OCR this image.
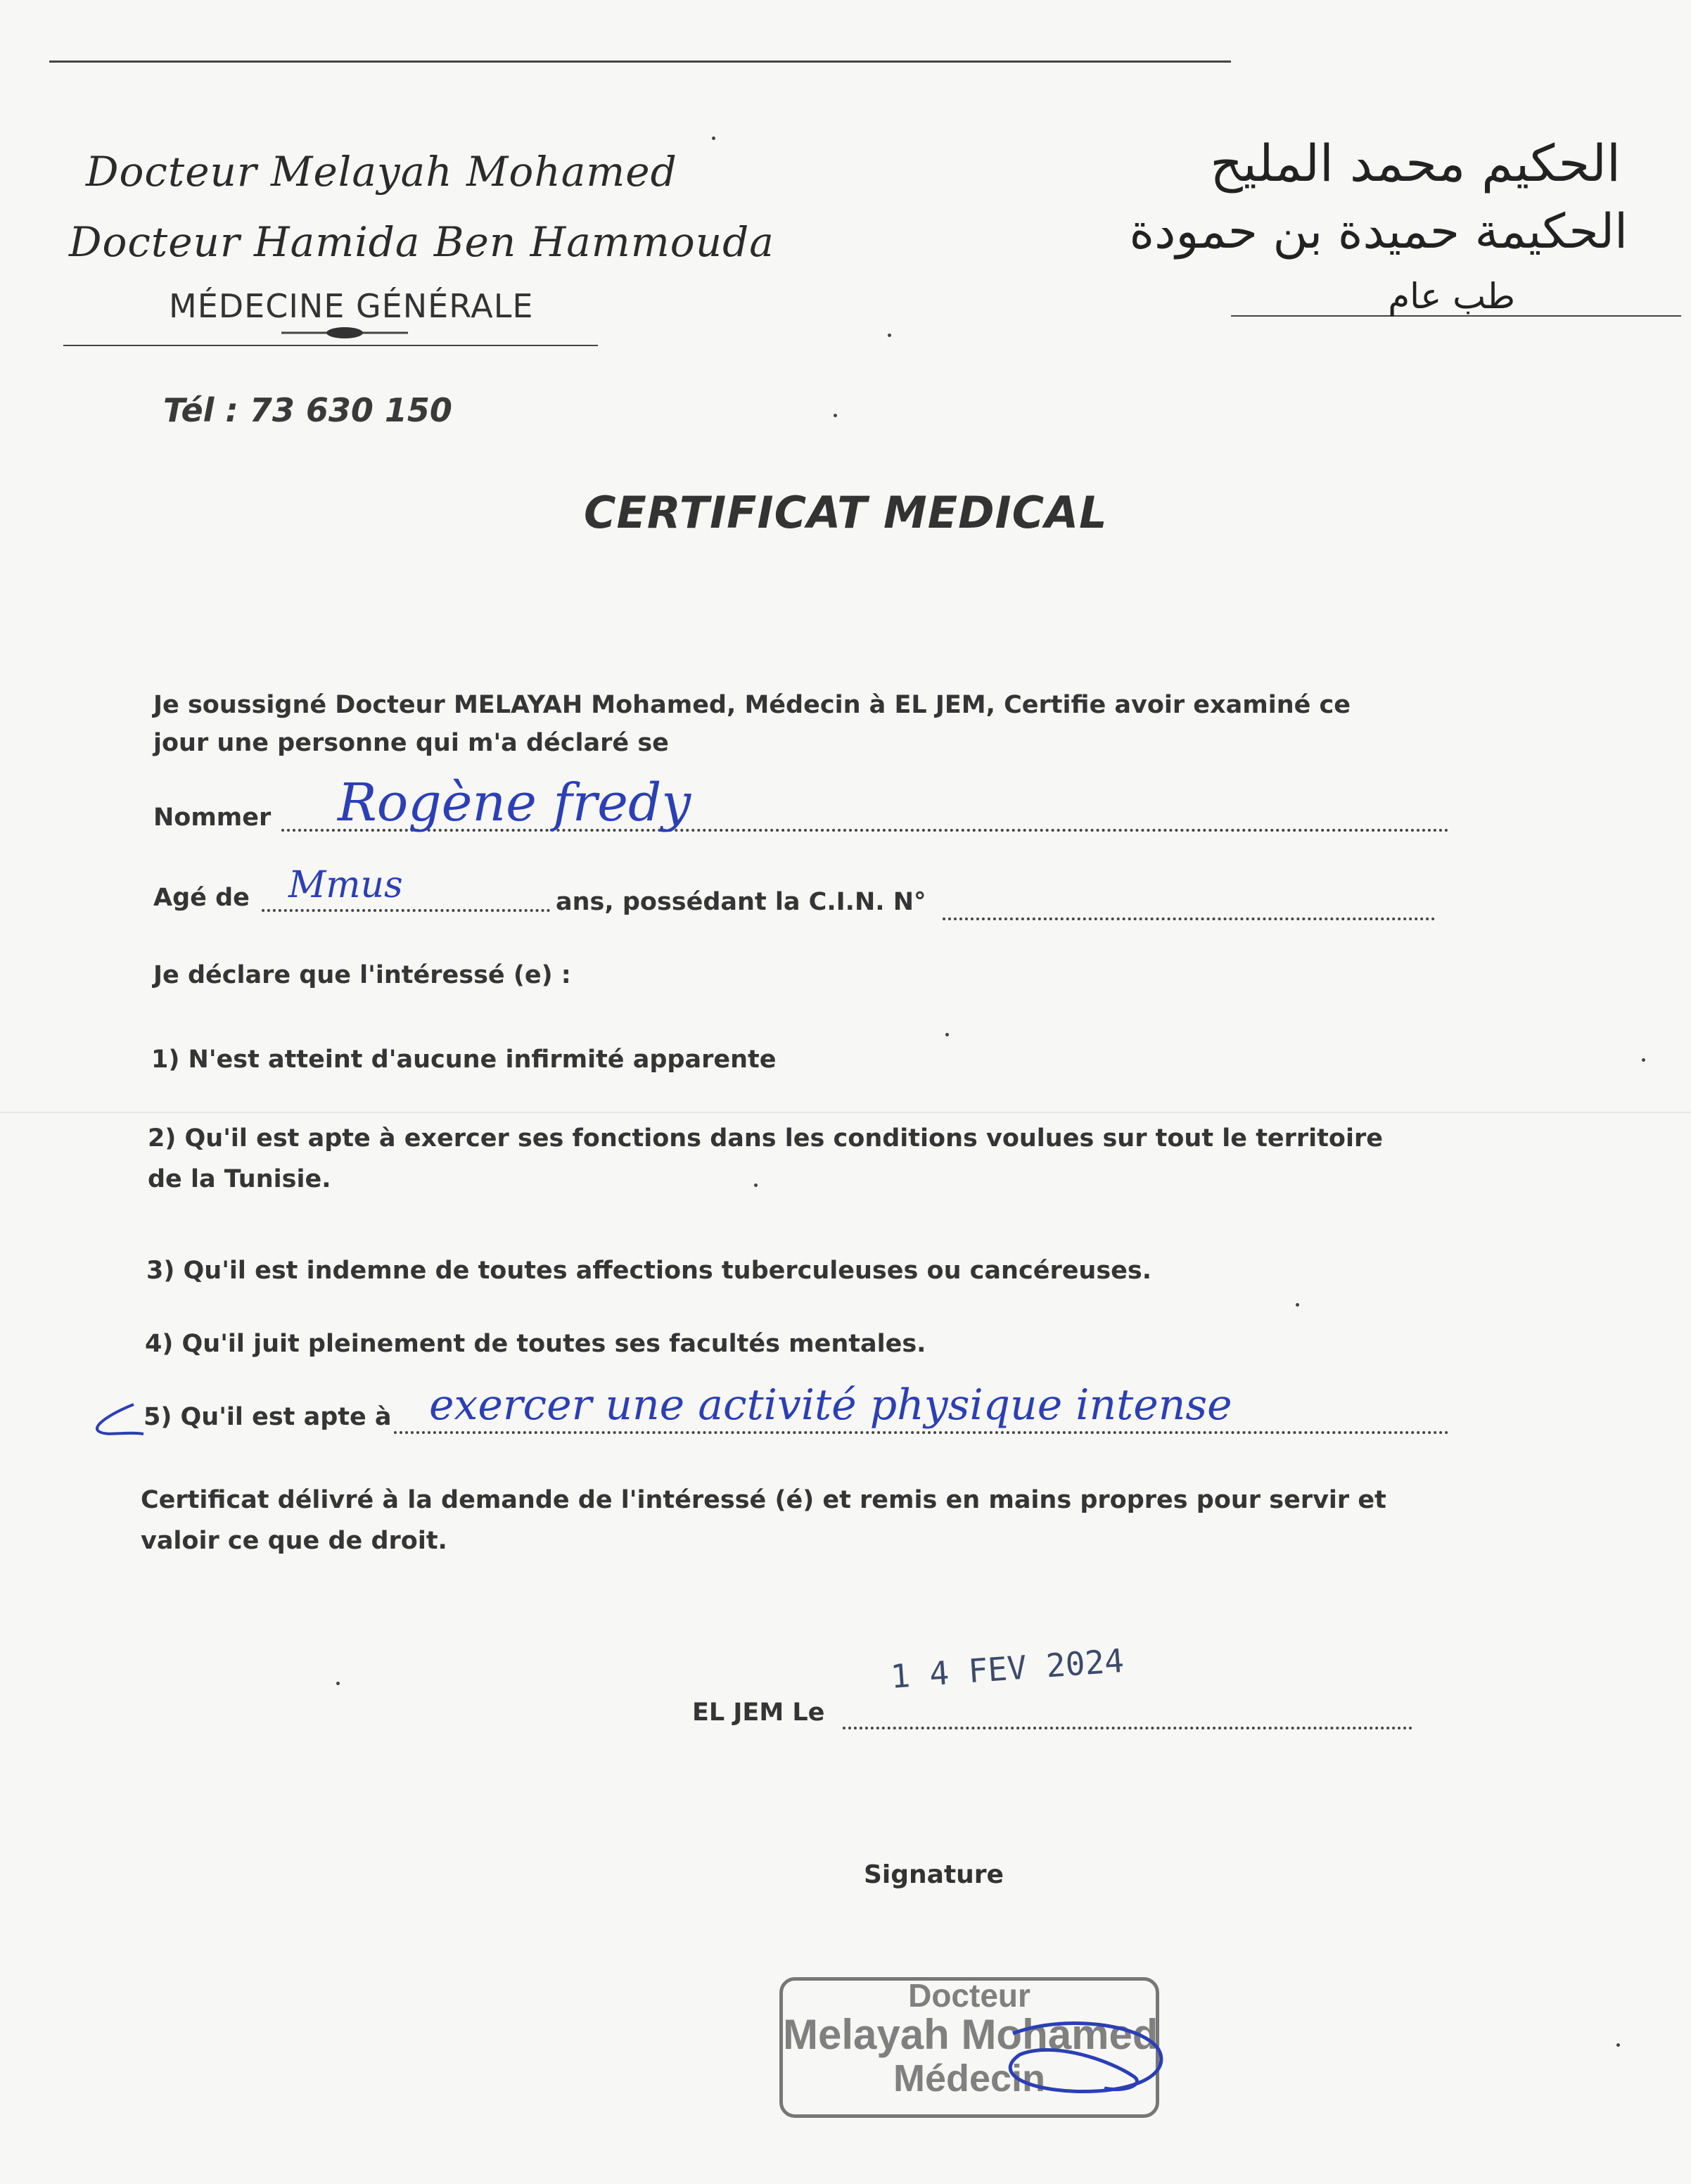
Docteur Melayah Mohamed
Docteur Hamida Ben Hammouda
MÉDECINE GÉNÉRALE
الحكيم محمد المليح
الحكيمة حميدة بن حمودة
طب عام
Tél : 73 630 150
CERTIFICAT MEDICAL
Je soussigné Docteur MELAYAH Mohamed, Médecin à EL JEM, Certifie avoir examiné ce
jour une personne qui m'a déclaré se
Nommer Rogène fredy
Agé de Mmus	ans, possédant la C.I.N. N°
Je déclare que l'intéressé (e) :
1) N'est atteint d'aucune infirmité apparente
2) Qu'il est apte à exercer ses fonctions dans les conditions voulues sur tout le territoire
de la Tunisie.
3) Qu'il est indemne de toutes affections tuberculeuses ou cancéreuses.
4) Qu'il juit pleinement de toutes ses facultés mentales.
5) Qu'il est apte à exercer une activité physique intense
Certificat délivré à la demande de l'intéressé (é) et remis en mains propres pour servir et
valoir ce que de droit.
EL JEM Le
1 4 FEV 2024
Signature
Docteur
Melayah Mohamed
Médecin
